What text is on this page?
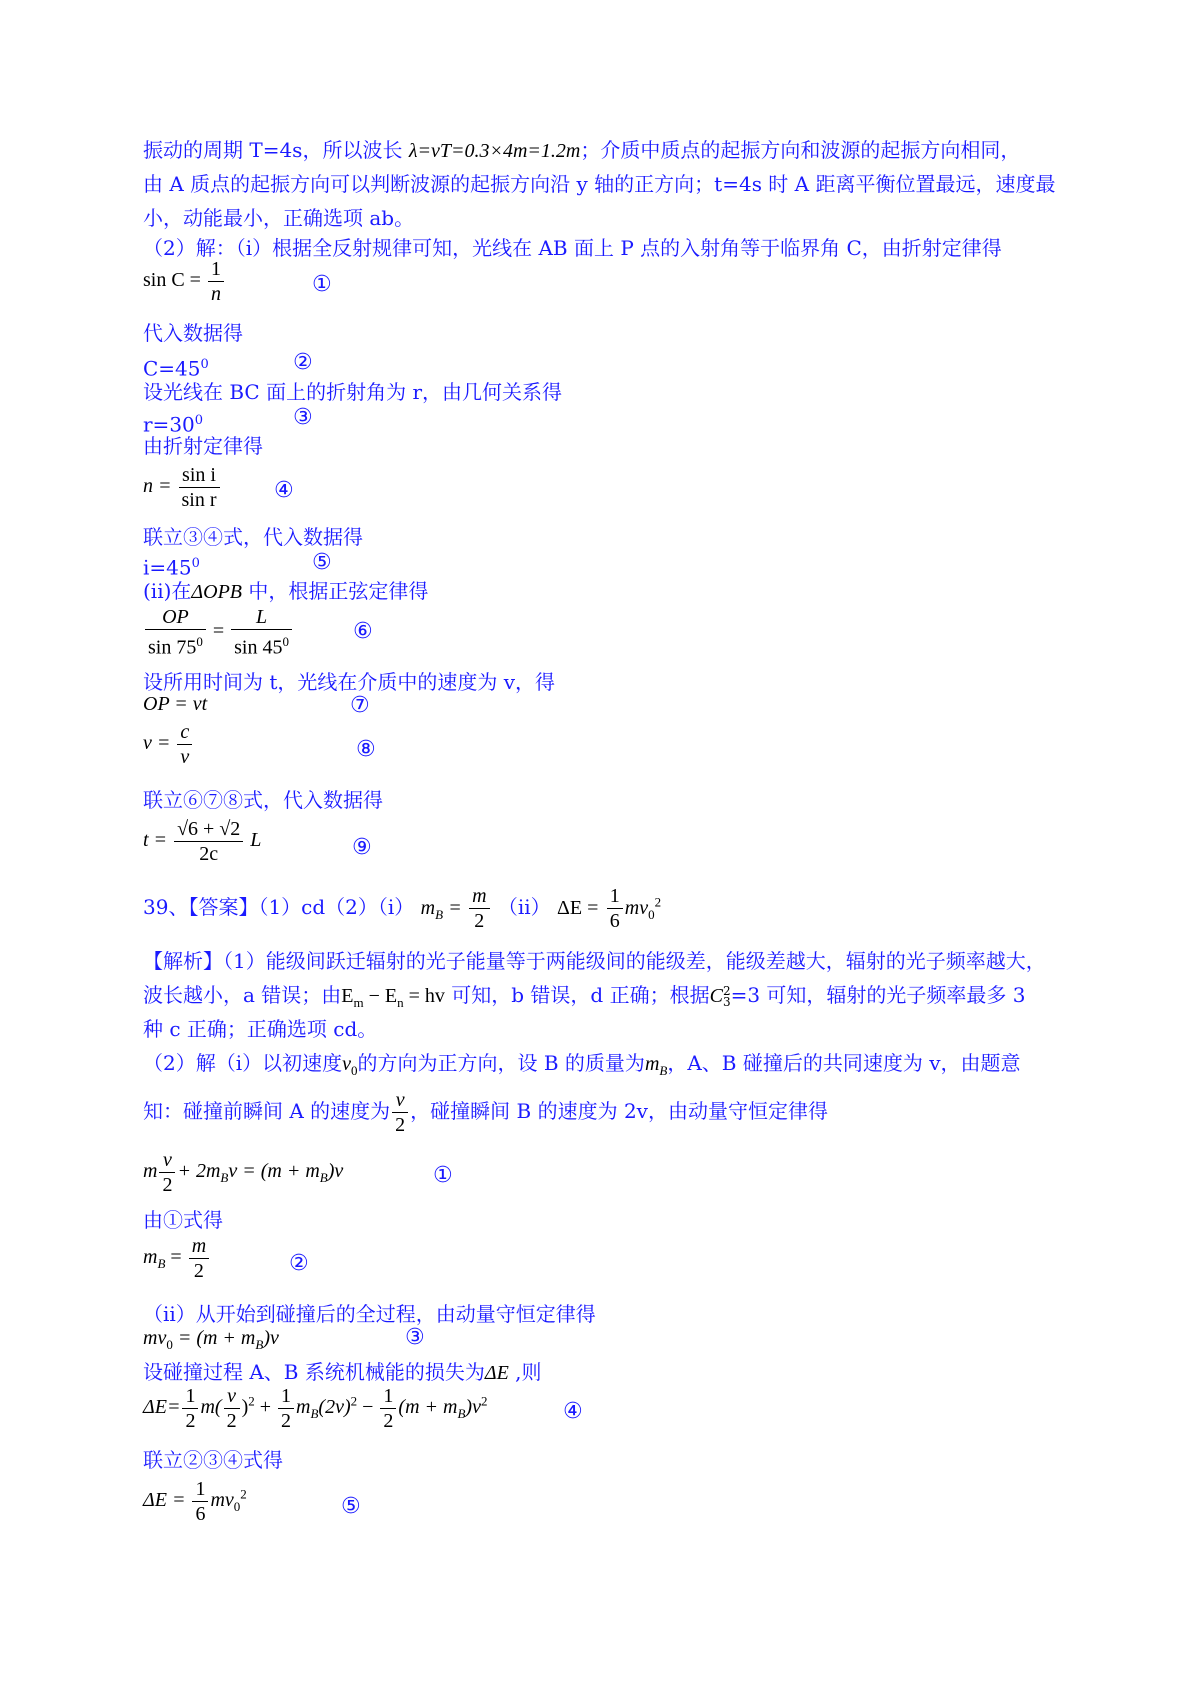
振动的周期 T=4s，所以波长 λ=vT=0.3×4m=1.2m；介质中质点的起振方向和波源的起振方向相同，
由 A 质点的起振方向可以判断波源的起振方向沿 y 轴的正方向；t=4s 时 A 距离平衡位置最远，速度最
小，动能最小，正确选项 ab。
（2）解：（i）根据全反射规律可知，光线在 AB 面上 P 点的入射角等于临界角 C，由折射定律得
$\sin C = \frac{1}{n}$	①
代入数据得
$C=45^0$	②
设光线在 BC 面上的折射角为 r，由几何关系得
$r=30^0$	③
由折射定律得
$n = \frac{\text{sin i}}{\text{sin r}}$ ④
联立③④式，代入数据得
$i=45^0$	⑤
(ii)在ΔOPB 中，根据正弦定律得
$\frac{OP}{\sin 75^0} = \frac{L}{\sin 45^0}$	⑥
设所用时间为 t，光线在介质中的速度为 v，得
OP = vt	⑦
$v = \frac{c}{v}$	⑧
联立⑥⑦⑧式，代入数据得
$t = \frac{√6 + √2}{2c}$ L	⑨
39、【答案】（1）cd（2）（i） $m_B = \frac{m}{2} (ii) \Delta E = \frac{1}{6} mv_0^2$
【解析】（1）能级间跃迁辐射的光子能量等于两能级间的能级差，能级差越大，辐射的光子频率越大，
波长越小，a 错误；由$E_m - E_n$ = hv 可知，b 错误，d 正确；根据C 2
3 =3 可知，辐射的光子频率最多 3
种 c 正确；正确选项 cd。
（2）解（i）以初速度$v_0$的方向为正方向，设 B 的质量为$m_B$，A、B 碰撞后的共同速度为 v，由题意
知：碰撞前瞬间 A 的速度为 $\frac{v}{2}$ ，碰撞瞬间 B 的速度为 2v，由动量守恒定律得
m $\frac{v}{2} + 2m_Bv = (m + m_B)v$	①
由①式得
$m_B = \frac{m}{2}$	②
（ii）从开始到碰撞后的全过程，由动量守恒定律得
$mv_0 = (m + m_B)v$	③
设碰撞过程 A、B 系统机械能的损失为ΔE ,则
$\Delta E= \frac{1}{2} m( \frac{v}{2} )^2 + \frac{1}{2} m_B(2v)^2 - \frac{1}{2} (m + m_B)v^2$	④
联立②③④式得
$\Delta E = \frac{1}{6} mv_0^2$
⑤
